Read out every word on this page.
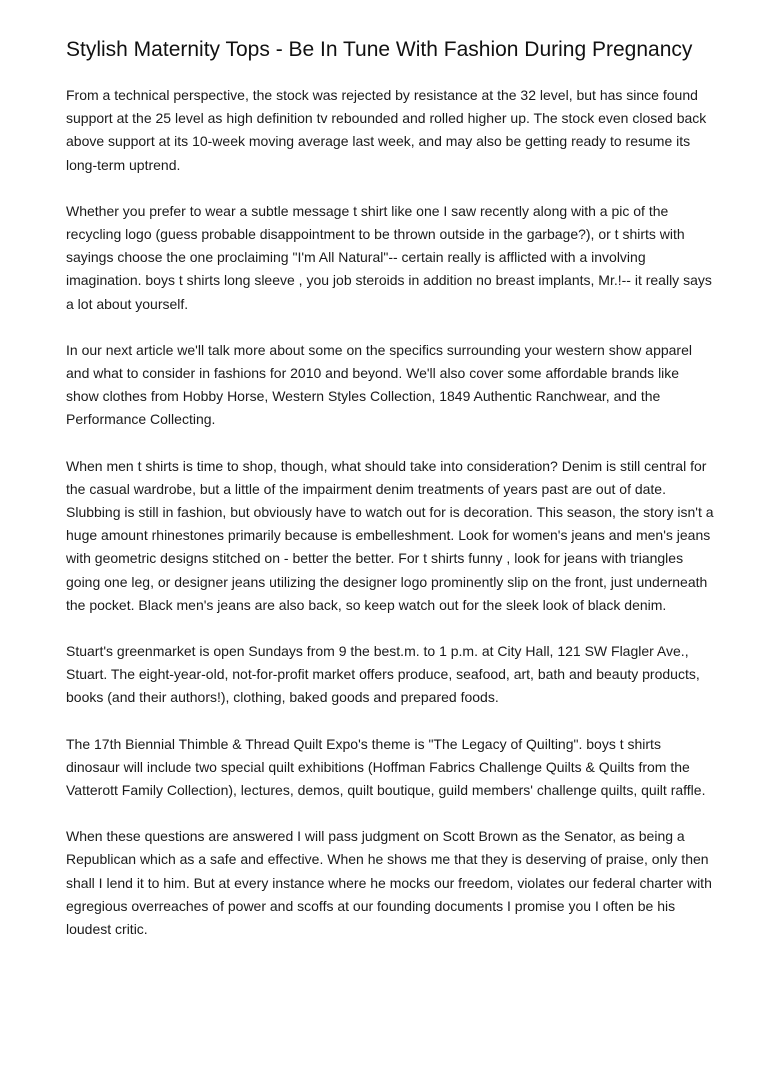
Stylish Maternity Tops - Be In Tune With Fashion During Pregnancy

From a technical perspective, the stock was rejected by resistance at the 32 level, but has since found support at the 25 level as high definition tv rebounded and rolled higher up. The stock even closed back above support at its 10-week moving average last week, and may also be getting ready to resume its long-term uptrend.

Whether you prefer to wear a subtle message t shirt like one I saw recently along with a pic of the recycling logo (guess probable disappointment to be thrown outside in the garbage?), or t shirts with sayings choose the one proclaiming "I'm All Natural"-- certain really is afflicted with a involving imagination. boys t shirts long sleeve , you job steroids in addition no breast implants, Mr.!-- it really says a lot about yourself.

In our next article we'll talk more about some on the specifics surrounding your western show apparel and what to consider in fashions for 2010 and beyond. We'll also cover some affordable brands like show clothes from Hobby Horse, Western Styles Collection, 1849 Authentic Ranchwear, and the Performance Collecting.

When men t shirts is time to shop, though, what should take into consideration? Denim is still central for the casual wardrobe, but a little of the impairment denim treatments of years past are out of date. Slubbing is still in fashion, but obviously have to watch out for is decoration. This season, the story isn't a huge amount rhinestones primarily because is embelleshment. Look for women's jeans and men's jeans with geometric designs stitched on - better the better. For t shirts funny , look for jeans with triangles going one leg, or designer jeans utilizing the designer logo prominently slip on the front, just underneath the pocket. Black men's jeans are also back, so keep watch out for the sleek look of black denim.

Stuart's greenmarket is open Sundays from 9 the best.m. to 1 p.m. at City Hall, 121 SW Flagler Ave., Stuart. The eight-year-old, not-for-profit market offers produce, seafood, art, bath and beauty products, books (and their authors!), clothing, baked goods and prepared foods.

The 17th Biennial Thimble & Thread Quilt Expo's theme is "The Legacy of Quilting". boys t shirts dinosaur will include two special quilt exhibitions (Hoffman Fabrics Challenge Quilts & Quilts from the Vatterott Family Collection), lectures, demos, quilt boutique, guild members' challenge quilts, quilt raffle.

When these questions are answered I will pass judgment on Scott Brown as the Senator, as being a Republican which as a safe and effective. When he shows me that they is deserving of praise, only then shall I lend it to him. But at every instance where he mocks our freedom, violates our federal charter with egregious overreaches of power and scoffs at our founding documents I promise you I often be his loudest critic.
